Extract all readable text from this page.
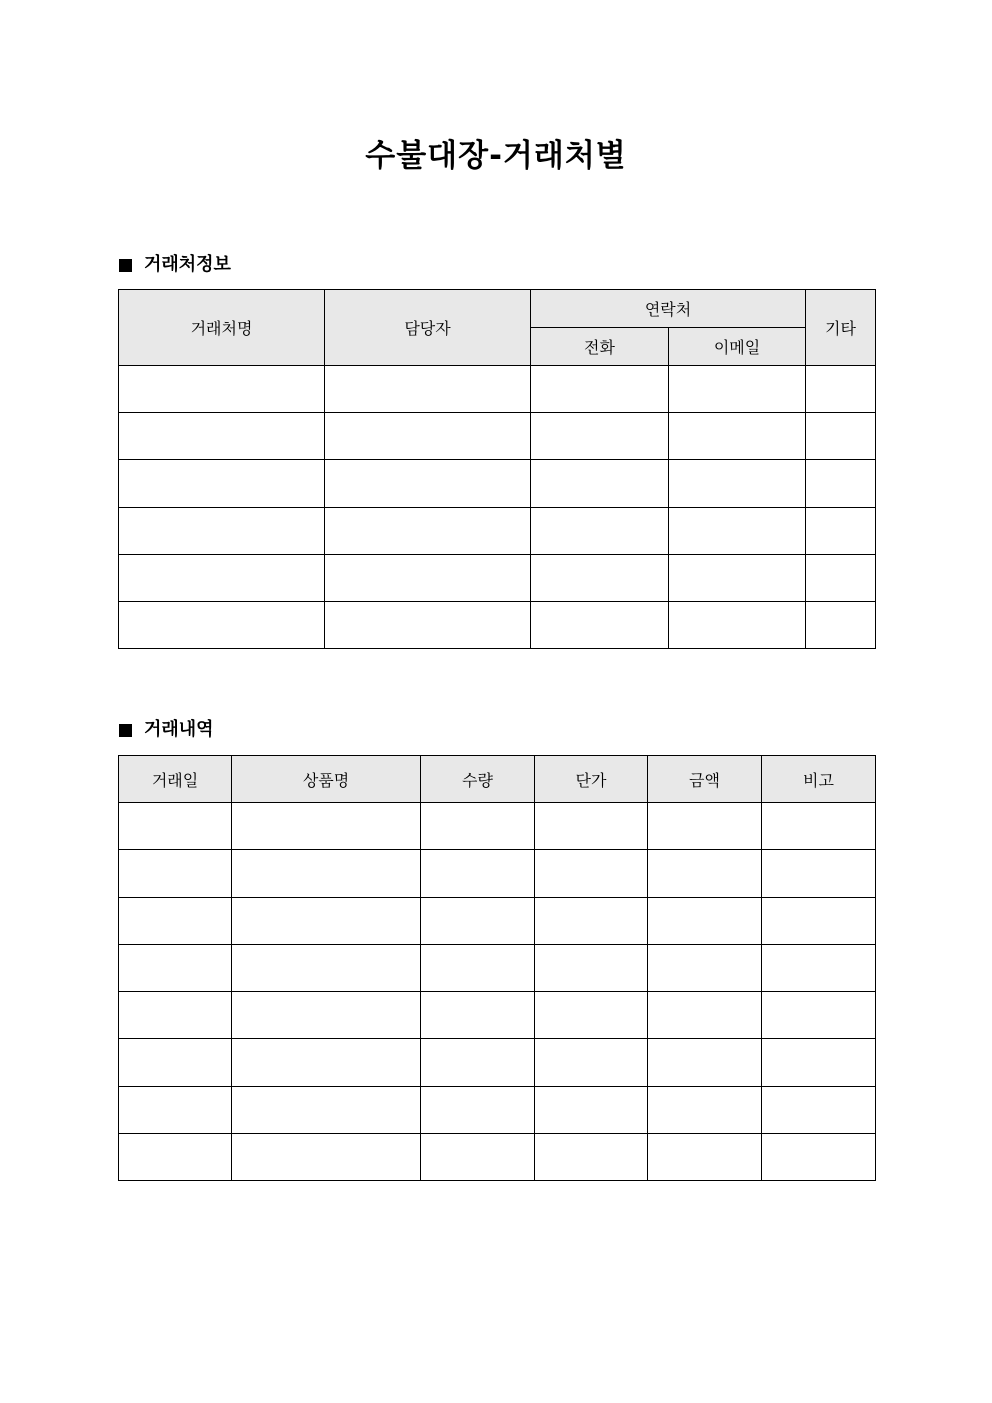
수불대장-거래처별
거래처정보
거래처명	담당자	연락처		기타
		전화	이메일	

거래내역
거래일	상품명	수량	단가	금액	비고
